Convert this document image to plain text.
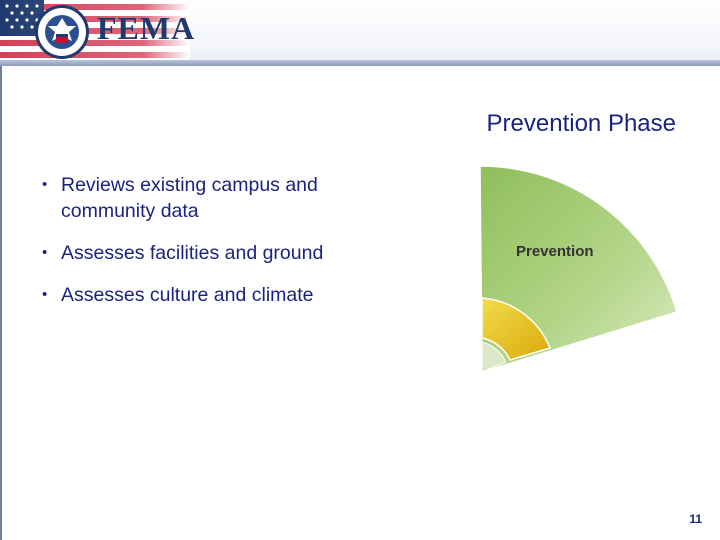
FEMA
Prevention Phase
• Reviews existing campus and community data
• Assesses facilities and ground
• Assesses culture and climate
Prevention
11
